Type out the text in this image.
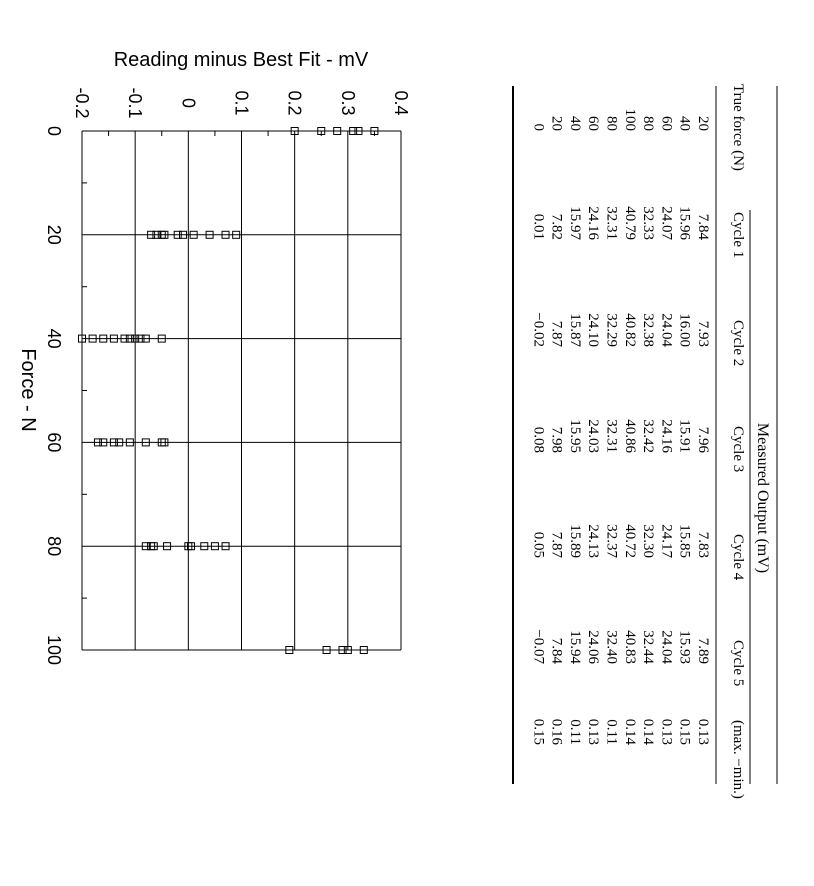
-0.2 -0.1 0 0.1 0.2 0.3 0.4
0
20
40
60
80
100
Reading minus Best Fit - mV
Force - N
Measured Output (mV)
True force (N)
Cycle 1
Cycle 2
Cycle 3
Cycle 4
Cycle 5
(max. −min.)
20
7.84
7.93
7.96
7.83
7.89
0.13
40
15.96
16.00
15.91
15.85
15.93
0.15
60
24.07
24.04
24.16
24.17
24.04
0.13
80
32.33
32.38
32.42
32.30
32.44
0.14
100
40.79
40.82
40.86
40.72
40.83
0.14
80
32.31
32.29
32.31
32.37
32.40
0.11
60
24.16
24.10
24.03
24.13
24.06
0.13
40
15.97
15.87
15.95
15.89
15.94
0.11
20
7.82
7.87
7.98
7.87
7.84
0.16
0
0.01
−0.02
0.08
0.05
−0.07
0.15
